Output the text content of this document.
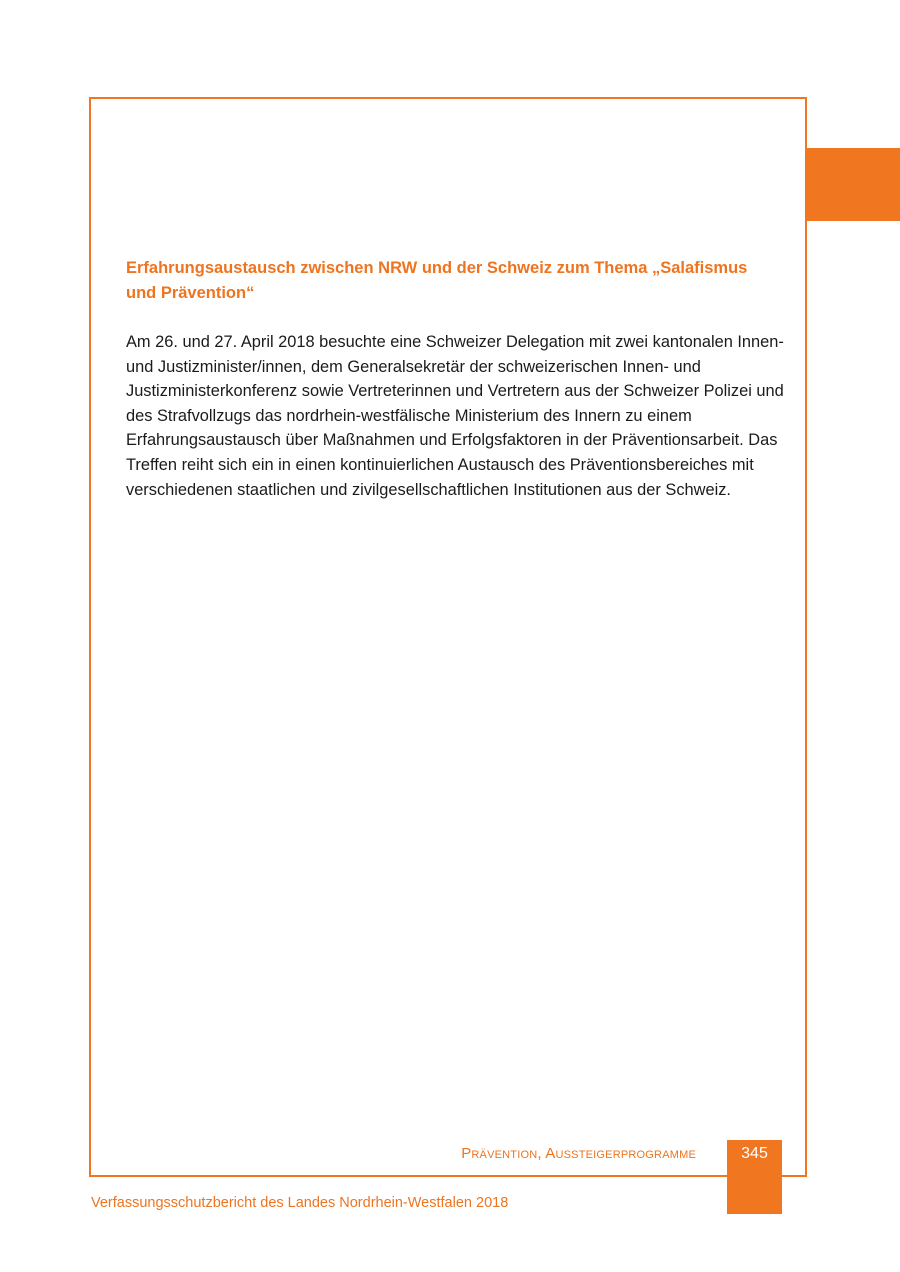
Erfahrungsaustausch zwischen NRW und der Schweiz zum Thema „Salafismus und Prävention“

Am 26. und 27. April 2018 besuchte eine Schweizer Delegation mit zwei kantonalen Innen- und Justizminister/innen, dem Generalsekretär der schweizerischen Innen- und Justizministerkonferenz sowie Vertreterinnen und Vertretern aus der Schweizer Polizei und des Strafvollzugs das nordrhein-westfälische Ministerium des Innern zu einem Erfahrungsaustausch über Maßnahmen und Erfolgsfaktoren in der Präventionsarbeit. Das Treffen reiht sich ein in einen kontinuierlichen Austausch des Präventionsbereiches mit verschiedenen staatlichen und zivilgesellschaftlichen Institutionen aus der Schweiz.

Prävention, Aussteigerprogramme	345
Verfassungsschutzbericht des Landes Nordrhein-Westfalen 2018
